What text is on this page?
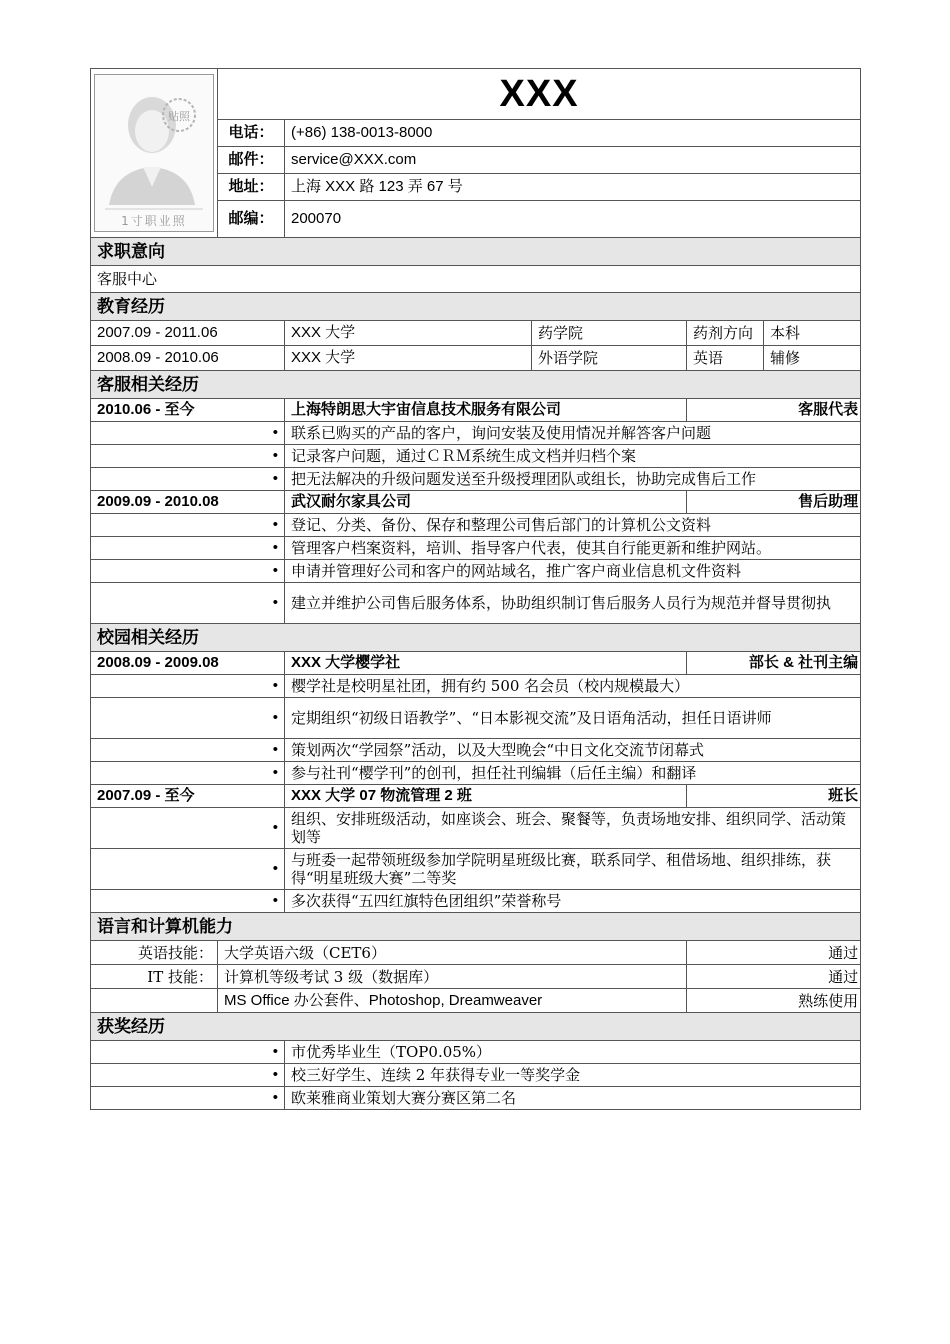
贴照
1寸职业照	XXX				
	电话：	(+86) 138-0013-8000			
	邮件：	service@XXX.com			
	地址：	上海 XXX 路 123 弄 67 号			
	邮编：	200070			
求职意向					
客服中心					
教育经历					
2007.09 - 2011.06		XXX 大学	药学院	药剂方向	本科
2008.09 - 2010.06		XXX 大学	外语学院	英语	辅修
客服相关经历					
2010.06 - 至今		上海特朗思大宇宙信息技术服务有限公司		客服代表	
•		联系已购买的产品的客户，询问安装及使用情况并解答客户问题			
•		记录客户问题，通过ＣＲＭ系统生成文档并归档个案			
•		把无法解决的升级问题发送至升级授理团队或组长，协助完成售后工作			
2009.09 - 2010.08		武汉耐尔家具公司		售后助理	
•		登记、分类、备份、保存和整理公司售后部门的计算机公文资料			
•		管理客户档案资料，培训、指导客户代表，使其自行能更新和维护网站。			
•		申请并管理好公司和客户的网站域名，推广客户商业信息机文件资料			
•		建立并维护公司售后服务体系，协助组织制订售后服务人员行为规范并督导贯彻执			
校园相关经历					
2008.09 - 2009.08		XXX 大学樱学社		部长 & 社刊主编	
•		樱学社是校明星社团，拥有约 500 名会员（校内规模最大）			
•		定期组织“初级日语教学”、“日本影视交流”及日语角活动，担任日语讲师			
•		策划两次“学园祭”活动，以及大型晚会“中日文化交流节闭幕式			
•		参与社刊“樱学刊”的创刊，担任社刊编辑（后任主编）和翻译			
2007.09 - 至今		XXX 大学 07 物流管理 2 班		班长	
•		组织、安排班级活动，如座谈会、班会、聚餐等，负责场地安排、组织同学、活动策划等			
•		与班委一起带领班级参加学院明星班级比赛，联系同学、租借场地、组织排练，获得“明星班级大赛”二等奖			
•		多次获得“五四红旗特色团组织”荣誉称号			
语言和计算机能力					
英语技能：	大学英语六级（CET6）			通过	
IT 技能：	计算机等级考试 3 级（数据库）			通过	
	MS Office 办公套件、Photoshop, Dreamweaver			熟练使用	
获奖经历					
•		市优秀毕业生（TOP0.05%）			
•		校三好学生、连续 2 年获得专业一等奖学金			
•		欧莱雅商业策划大赛分赛区第二名			
